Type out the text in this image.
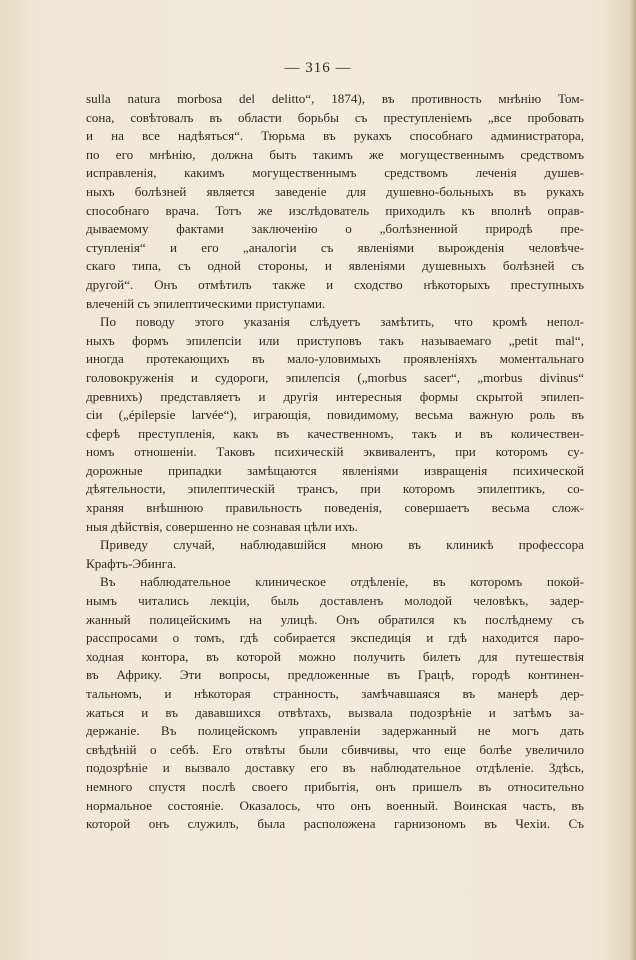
— 316 —
sulla natura morbosa del delitto“, 1874), въ противность мнѣнію Том-
сона, совѣтовалъ въ области борьбы съ преступленіемъ „все пробовать
и на все надѣяться“. Тюрьма въ рукахъ способнаго администратора,
по его мнѣнію, должна быть такимъ же могущественнымъ средствомъ
исправленія, какимъ могущественнымъ средствомъ леченія душев-
ныхъ болѣзней является заведеніе для душевно-больныхъ въ рукахъ
способнаго врача. Тотъ же изслѣдователь приходилъ къ вполнѣ оправ-
дываемому фактами заключенію о „болѣзненной природѣ пре-
ступленія“ и его „аналогіи съ явленіями вырожденія человѣче-
скаго типа, съ одной стороны, и явленіями душевныхъ болѣзней съ
другой“. Онъ отмѣтилъ также и сходство нѣкоторыхъ преступныхъ
влеченій съ эпилептическими приступами.
По поводу этого указанія слѣдуетъ замѣтить, что кромѣ непол-
ныхъ формъ эпилепсіи или приступовъ такъ называемаго „petit mal“,
иногда протекающихъ въ мало-уловимыхъ проявленіяхъ моментальнаго
головокруженія и судороги, эпилепсія („morbus sacer“, „morbus divinus“
древнихъ) представляетъ и другія интересныя формы скрытой эпилеп-
сіи („épilepsie larvée“), играющія, повидимому, весьма важную роль въ
сферѣ преступленія, какъ въ качественномъ, такъ и въ количествен-
номъ отношеніи. Таковъ психическій эквивалентъ, при которомъ су-
дорожные припадки замѣщаются явленіями извращенія психической
дѣятельности, эпилептическій трансъ, при которомъ эпилептикъ, со-
храняя внѣшнюю правильность поведенія, совершаетъ весьма слож-
ныя дѣйствія, совершенно не сознавая цѣли ихъ.
Приведу случай, наблюдавшійся мною въ клиникѣ профессора
Крафтъ-Эбинга.
Въ наблюдательное клиническое отдѣленіе, въ которомъ покой-
нымъ читались лекціи, быль доставленъ молодой человѣкъ, задер-
жанный полицейскимъ на улицѣ. Онъ обратился къ послѣднему съ
расспросами о томъ, гдѣ собирается экспедиція и гдѣ находится паро-
ходная контора, въ которой можно получить билеть для путешествія
въ Африку. Эти вопросы, предложенные въ Грацѣ, городѣ континен-
тальномъ, и нѣкоторая странность, замѣчавшаяся въ манерѣ дер-
жаться и въ дававшихся отвѣтахъ, вызвала подозрѣніе и затѣмъ за-
держаніе. Въ полицейскомъ управленіи задержанный не могъ дать
свѣдѣній о себѣ. Его отвѣты были сбивчивы, что еще болѣе увеличило
подозрѣніе и вызвало доставку его въ наблюдательное отдѣленіе. Здѣсь,
немного спустя послѣ своего прибытія, онъ пришелъ въ относительно
нормальное состояніе. Оказалось, что онъ военный. Воинская часть, въ
которой онъ служилъ, была расположена гарнизономъ въ Чехіи. Съ
